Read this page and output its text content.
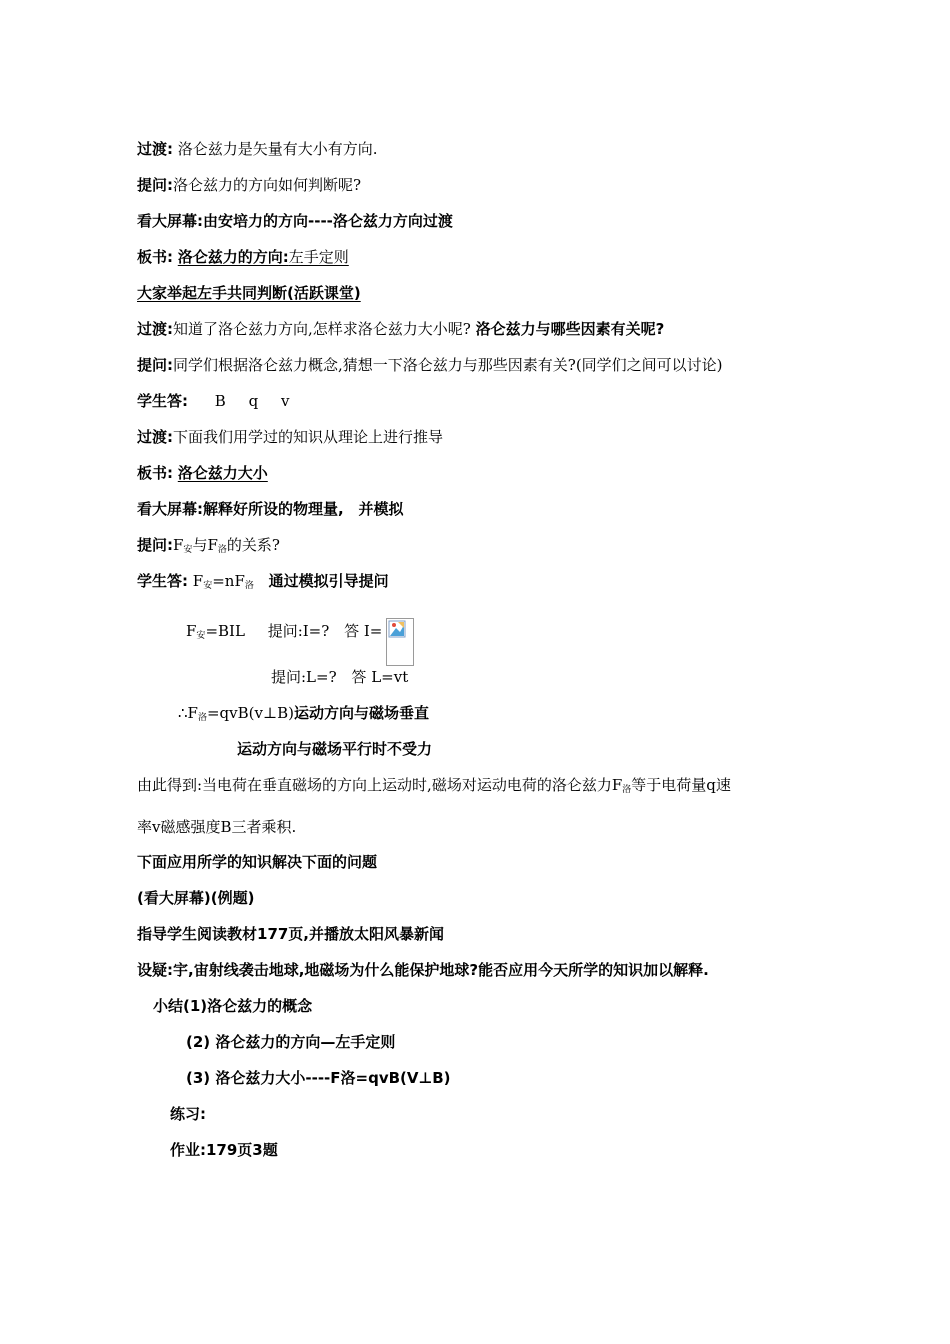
过渡: 洛仑兹力是矢量有大小有方向.
提问:洛仑兹力的方向如何判断呢?
看大屏幕:由安培力的方向----洛仑兹力方向过渡
板书: 洛仑兹力的方向:左手定则
大家举起左手共同判断(活跃课堂)
过渡:知道了洛仑兹力方向,怎样求洛仑兹力大小呢? 洛仑兹力与哪些因素有关呢?
提问:同学们根据洛仑兹力概念,猜想一下洛仑兹力与那些因素有关?(同学们之间可以讨论)
学生答: B q v
过渡:下面我们用学过的知识从理论上进行推导
板书: 洛仑兹力大小
看大屏幕:解释好所设的物理量, 并模拟
提问$:F_安$与$F_洛$的关系?
学生答: $F_安=nF_洛$ 通过模拟引导提问
$F_安=BIL$ 提问:I=? 答 I=
提问:L=? 答 L=vt
$\therefore F_洛=qvB(v\perp B)$运动方向与磁场垂直
运动方向与磁场平行时不受力
由此得到:当电荷在垂直磁场的方向上运动时,磁场对运动电荷的洛仑兹力$F_洛$等于电荷量q速
率v磁感强度B三者乘积.
下面应用所学的知识解决下面的问题
(看大屏幕)(例题)
指导学生阅读教材177页,并播放太阳风暴新闻
设疑:宇,宙射线袭击地球,地磁场为什么能保护地球?能否应用今天所学的知识加以解释.
小结(1)洛仑兹力的概念
(2) 洛仑兹力的方向—左手定则
(3) 洛仑兹力大小----F洛=qvB(V⊥B)
练习:
作业:179页3题
